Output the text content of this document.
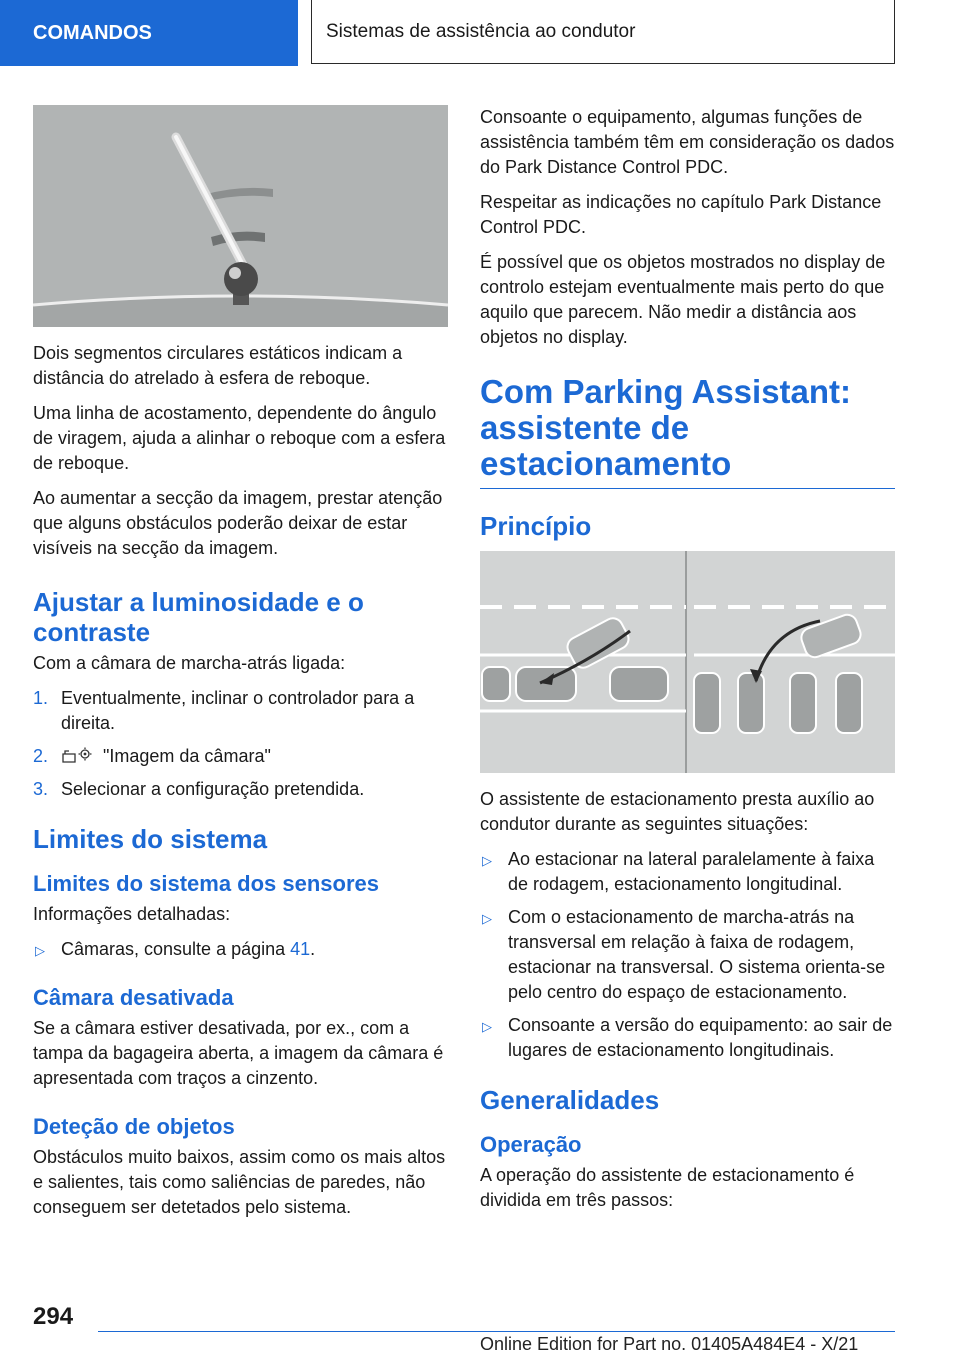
COMANDOS	Sistemas de assistência ao condutor

Dois segmentos circulares estáticos indicam a distância do atrelado à esfera de reboque.

Uma linha de acostamento, dependente do ângulo de viragem, ajuda a alinhar o reboque com a esfera de reboque.

Ao aumentar a secção da imagem, prestar atenção que alguns obstáculos poderão deixar de estar visíveis na secção da imagem.

Ajustar a luminosidade e o contraste

Com a câmara de marcha-atrás ligada:

1. Eventualmente, inclinar o controlador para a direita.
2.	"Imagem da câmara"
3. Selecionar a configuração pretendida.
Limites do sistema
Limites do sistema dos sensores

Informações detalhadas:

▷ Câmaras, consulte a página 41.
Câmara desativada

Se a câmara estiver desativada, por ex., com a tampa da bagageira aberta, a imagem da câmara é apresentada com traços a cinzento.

Deteção de objetos

Obstáculos muito baixos, assim como os mais altos e salientes, tais como saliências de paredes, não conseguem ser detetados pelo sistema.

Consoante o equipamento, algumas funções de assistência também têm em consideração os dados do Park Distance Control PDC.

Respeitar as indicações no capítulo Park Distance Control PDC.

É possível que os objetos mostrados no display de controlo estejam eventualmente mais perto do que aquilo que parecem. Não medir a distância aos objetos no display.

Com Parking Assistant: assistente de estacionamento
Princípio

O assistente de estacionamento presta auxílio ao condutor durante as seguintes situações:

▷ Ao estacionar na lateral paralelamente à faixa de rodagem, estacionamento longitudinal.
▷ Com o estacionamento de marcha-atrás na transversal em relação à faixa de rodagem, estacionar na transversal. O sistema orienta-se pelo centro do espaço de estacionamento.
▷ Consoante a versão do equipamento: ao sair de lugares de estacionamento longitudinais.
Generalidades
Operação

A operação do assistente de estacionamento é dividida em três passos:

294
Online Edition for Part no. 01405A484E4 - X/21
